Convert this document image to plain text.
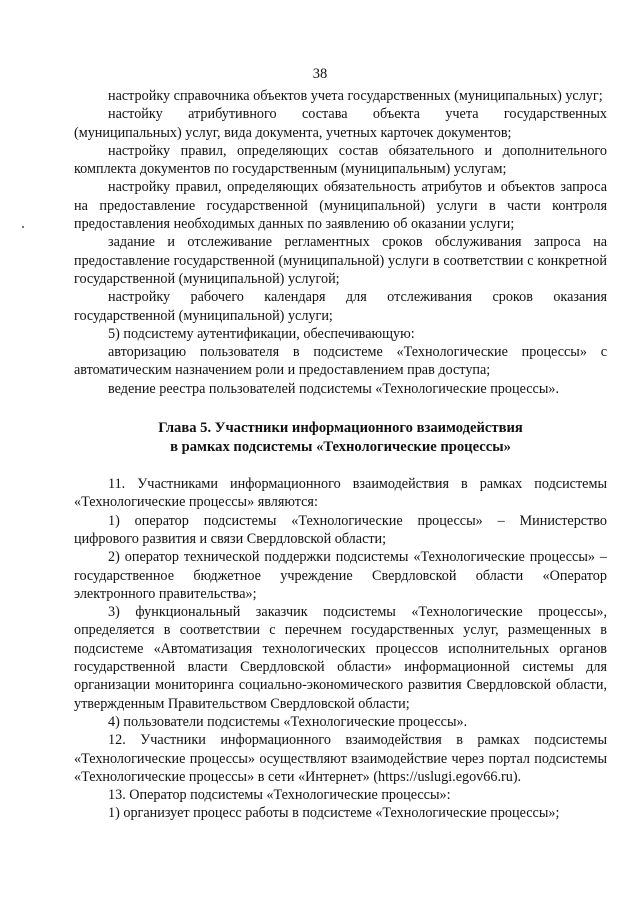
38

настройку справочника объектов учета государственных (муниципальных) услуг;

настойку атрибутивного состава объекта учета государственных (муниципальных) услуг, вида документа, учетных карточек документов;

настройку правил, определяющих состав обязательного и дополнительного комплекта документов по государственным (муниципальным) услугам;

настройку правил, определяющих обязательность атрибутов и объектов запроса на предоставление государственной (муниципальной) услуги в части контроля предоставления необходимых данных по заявлению об оказании услуги;

задание и отслеживание регламентных сроков обслуживания запроса на предоставление государственной (муниципальной) услуги в соответствии с конкретной государственной (муниципальной) услугой;

настройку рабочего календаря для отслеживания сроков оказания государственной (муниципальной) услуги;

5) подсистему аутентификации, обеспечивающую:

авторизацию пользователя в подсистеме «Технологические процессы» с автоматическим назначением роли и предоставлением прав доступа;

ведение реестра пользователей подсистемы «Технологические процессы».

Глава 5. Участники информационного взаимодействия

в рамках подсистемы «Технологические процессы»

11. Участниками информационного взаимодействия в рамках подсистемы «Технологические процессы» являются:

1) оператор подсистемы «Технологические процессы» – Министерство цифрового развития и связи Свердловской области;

2) оператор технической поддержки подсистемы «Технологические процессы» – государственное бюджетное учреждение Свердловской области «Оператор электронного правительства»;

3) функциональный заказчик подсистемы «Технологические процессы», определяется в соответствии с перечнем государственных услуг, размещенных в подсистеме «Автоматизация технологических процессов исполнительных органов государственной власти Свердловской области» информационной системы для организации мониторинга социально-экономического развития Свердловской области, утвержденным Правительством Свердловской области;

4) пользователи подсистемы «Технологические процессы».

12. Участники информационного взаимодействия в рамках подсистемы «Технологические процессы» осуществляют взаимодействие через портал подсистемы «Технологические процессы» в сети «Интернет» (https://uslugi.egov66.ru).

13. Оператор подсистемы «Технологические процессы»:

1) организует процесс работы в подсистеме «Технологические процессы»;
